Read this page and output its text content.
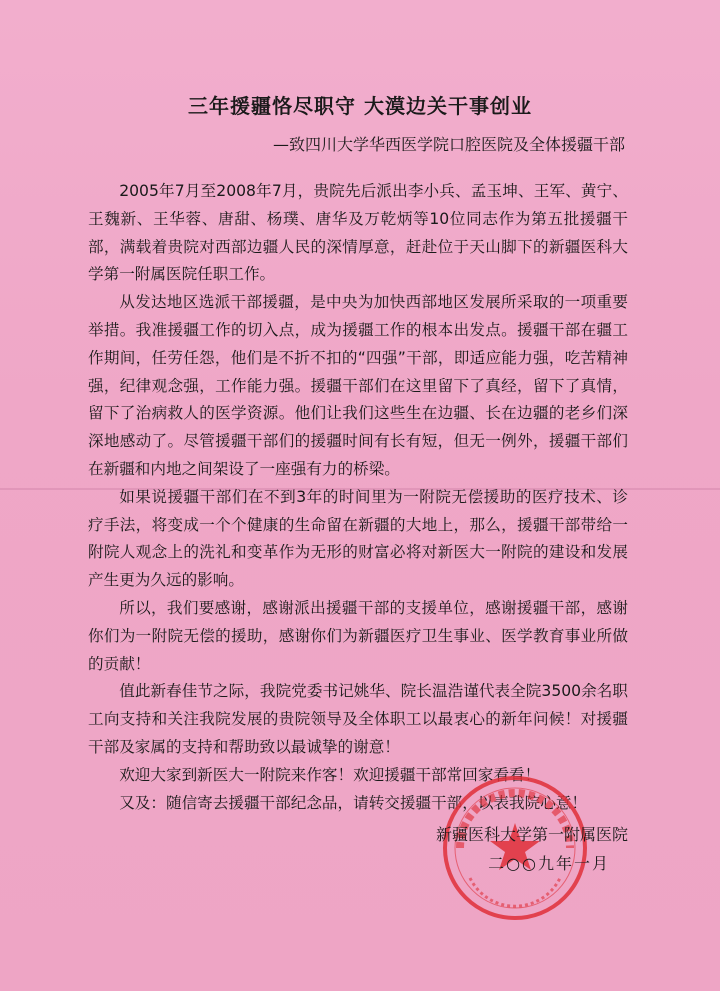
三年援疆恪尽职守 大漠边关干事创业
—致四川大学华西医学院口腔医院及全体援疆干部

2005年7月至2008年7月，贵院先后派出李小兵、孟玉坤、王军、黄宁、王魏新、王华蓉、唐甜、杨璞、唐华及万乾炳等10位同志作为第五批援疆干部，满载着贵院对西部边疆人民的深情厚意，赶赴位于天山脚下的新疆医科大学第一附属医院任职工作。

从发达地区选派干部援疆，是中央为加快西部地区发展所采取的一项重要举措。我准援疆工作的切入点，成为援疆工作的根本出发点。援疆干部在疆工作期间，任劳任怨，他们是不折不扣的“四强”干部，即适应能力强，吃苦精神强，纪律观念强，工作能力强。援疆干部们在这里留下了真经，留下了真情，留下了治病救人的医学资源。他们让我们这些生在边疆、长在边疆的老乡们深深地感动了。尽管援疆干部们的援疆时间有长有短，但无一例外，援疆干部们在新疆和内地之间架设了一座强有力的桥梁。

如果说援疆干部们在不到3年的时间里为一附院无偿援助的医疗技术、诊疗手法，将变成一个个健康的生命留在新疆的大地上，那么，援疆干部带给一附院人观念上的洗礼和变革作为无形的财富必将对新医大一附院的建设和发展产生更为久远的影响。

所以，我们要感谢，感谢派出援疆干部的支援单位，感谢援疆干部，感谢你们为一附院无偿的援助，感谢你们为新疆医疗卫生事业、医学教育事业所做的贡献！

值此新春佳节之际，我院党委书记姚华、院长温浩谨代表全院3500余名职工向支持和关注我院发展的贵院领导及全体职工以最衷心的新年问候！对援疆干部及家属的支持和帮助致以最诚挚的谢意！

欢迎大家到新医大一附院来作客！欢迎援疆干部常回家看看！

又及：随信寄去援疆干部纪念品，请转交援疆干部，以表我院心意！

新疆医科大学第一附属医院
二○○九年一月
